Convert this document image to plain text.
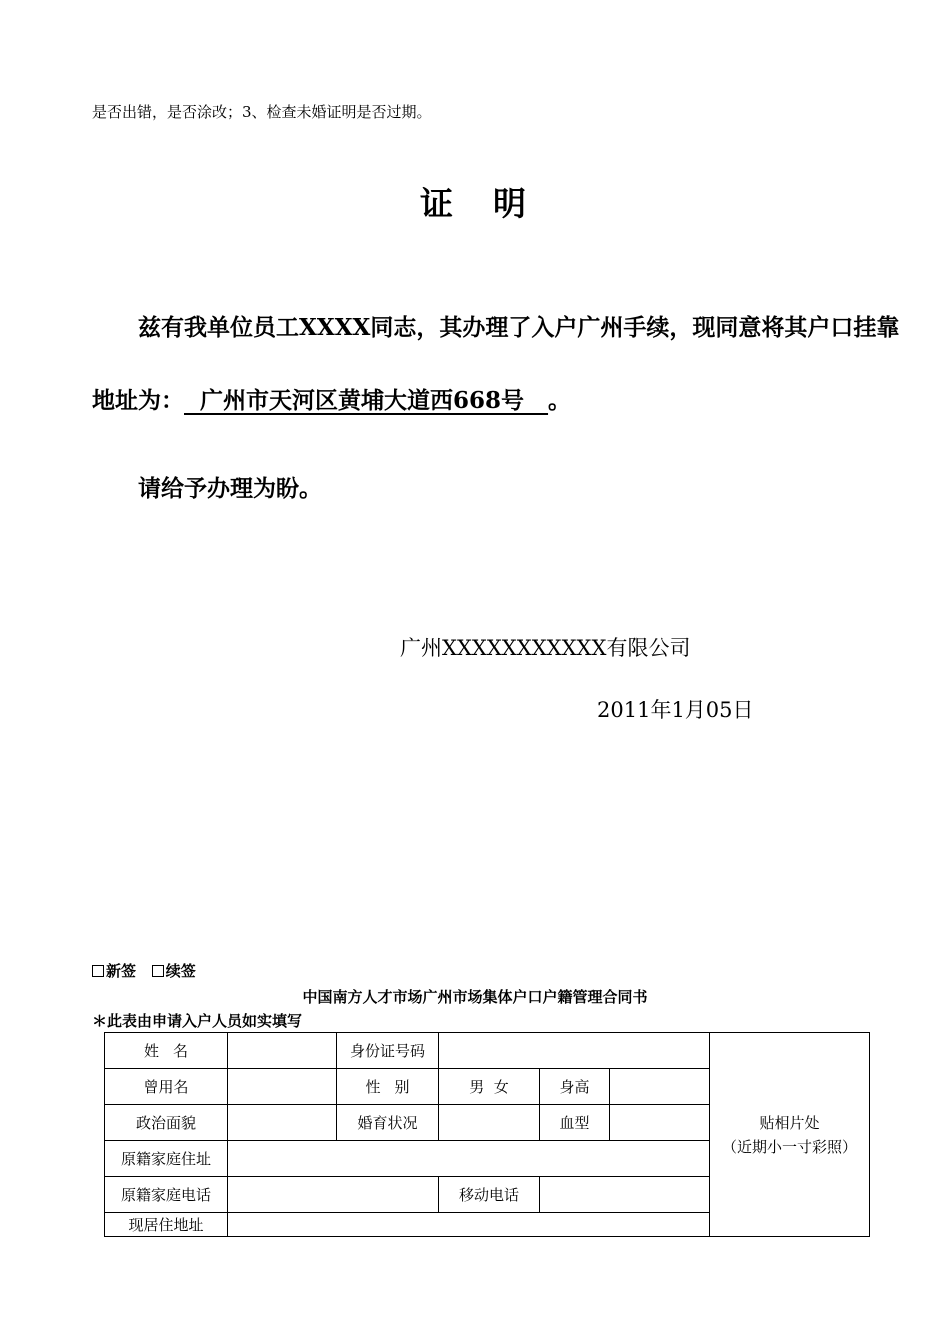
是否出错，是否涂改；3、检查未婚证明是否过期。
证 明
兹有我单位员工XXXX同志，其办理了入户广州手续，现同意将其户口挂靠
地址为：  广州市天河区黄埔大道西668号   。
请给予办理为盼。
广州XXXXXXXXXXX有限公司
2011年1月05日
新签 续签
中国南方人才市场广州市场集体户口户籍管理合同书
＊此表由申请入户人员如实填写
姓名		身份证号码				贴相片处
（近期小一寸彩照）

曾用名		性别	男  女	身高		
政治面貌		婚育状况		血型		
原籍家庭住址						
原籍家庭电话			移动电话			
现居住地址						
